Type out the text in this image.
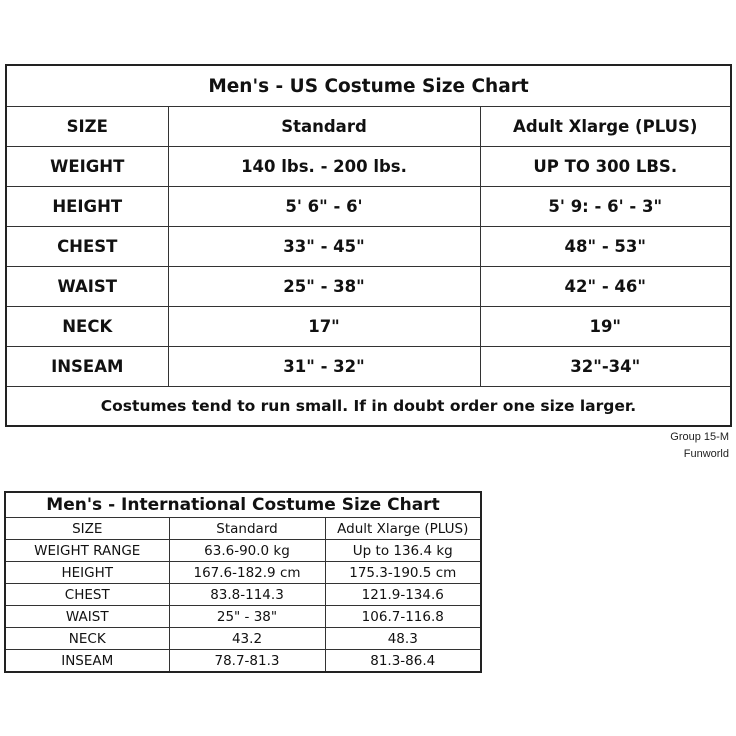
Men's - US Costume Size Chart		
SIZE	Standard	Adult Xlarge (PLUS)
WEIGHT	140 lbs. - 200 lbs.	UP TO 300 LBS.
HEIGHT	5' 6" - 6'	5' 9: - 6' - 3"
CHEST	33" - 45"	48" - 53"
WAIST	25" - 38"	42" - 46"
NECK	17"	19"
INSEAM	31" - 32"	32"-34"
Costumes tend to run small. If in doubt order one size larger.		
Group 15-M
Funworld
Men's - International Costume Size Chart		
SIZE	Standard	Adult Xlarge (PLUS)
WEIGHT RANGE	63.6-90.0 kg	Up to 136.4 kg
HEIGHT	167.6-182.9 cm	175.3-190.5 cm
CHEST	83.8-114.3	121.9-134.6
WAIST	25" - 38"	106.7-116.8
NECK	43.2	48.3
INSEAM	78.7-81.3	81.3-86.4
